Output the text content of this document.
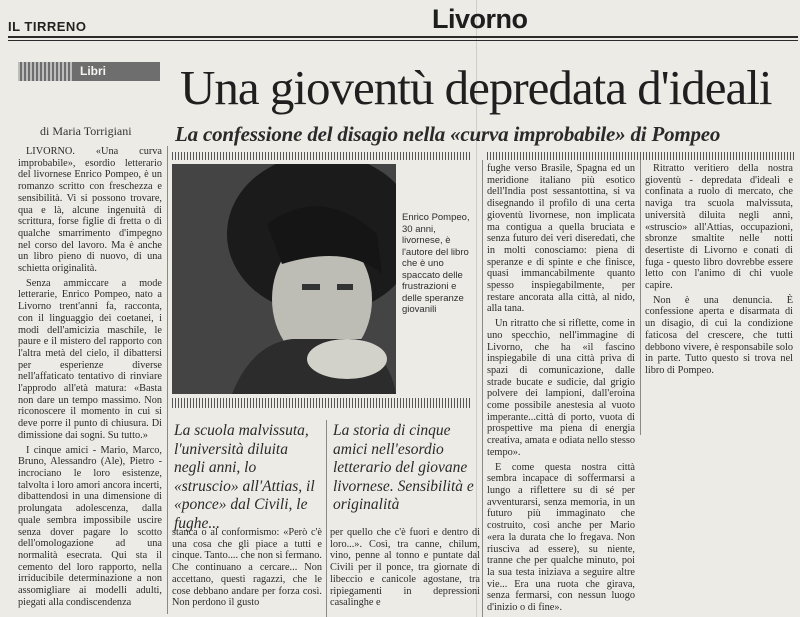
IL TIRRENO	Livorno
Libri
di Maria Torrigiani
Una gioventù depredata d'ideali
La confessione del disagio nella «curva improbabile» di Pompeo

LIVORNO. «Una curva improbabile», esordio letterario del livornese Enrico Pompeo, è un romanzo scritto con freschezza e sensibilità. Vi si possono trovare, qua e là, alcune ingenuità di scrittura, forse figlie di fretta o di qualche smarrimento d'impegno nel corso del lavoro. Ma è anche un libro pieno di nuovo, di una schietta originalità.

Senza ammiccare a mode letterarie, Enrico Pompeo, nato a Livorno trent'anni fa, racconta, con il linguaggio dei coetanei, i modi dell'amicizia maschile, le paure e il mistero del rapporto con l'altra metà del cielo, il dibattersi per esperienze diverse nell'affaticato tentativo di rinviare l'approdo all'età matura: «Basta non dare un tempo massimo. Non riconoscere il momento in cui si deve porre il punto di chiusura. Di dimissione dai sogni. Su tutto.»

I cinque amici - Mario, Marco, Bruno, Alessandro (Ale), Pietro - incrociano le loro esistenze, talvolta i loro amori ancora incerti, dibattendosi in una dimensione di prolungata adolescenza, dalla quale sembra impossibile uscire senza dover pagare lo scotto dell'omologazione ad una normalità esecrata. Qui sta il cemento del loro rapporto, nella irriducibile determinazione a non assomigliare ai modelli adulti, piegati alla condiscendenza

Enrico Pompeo, 30 anni, livornese, è l'autore del libro che è uno spaccato delle frustrazioni e delle speranze giovanili
La scuola malvissuta, l'università diluita negli anni, lo «struscio» all'Attias, il «ponce» dal Civili, le fughe...
La storia di cinque amici nell'esordio letterario del giovane livornese. Sensibilità e originalità

stanca o al conformismo: «Però c'è una cosa che gli piace a tutti e cinque. Tanto.... che non si fermano. Che continuano a cercare... Non accettano, questi ragazzi, che le cose debbano andare per forza così. Non perdono il gusto

per quello che c'è fuori e dentro di loro...». Così, tra canne, chilum, vino, penne al tonno e puntate dal Civili per il ponce, tra giornate di libeccio e canicole agostane, tra ripiegamenti in depressioni casalinghe e

fughe verso Brasile, Spagna ed un meridione italiano più esotico dell'India post sessantottina, si va disegnando il profilo di una certa gioventù livornese, non implicata ma contigua a quella bruciata e senza futuro dei veri diseredati, che in molti conosciamo: piena di speranze e di spinte e che finisce, quasi immancabilmente quanto spesso inspiegabilmente, per restare ancorata alla città, al nido, alla tana.

Un ritratto che si riflette, come in uno specchio, nell'immagine di Livorno, che ha «il fascino inspiegabile di una città priva di spazi di comunicazione, dalle strade bucate e sudicie, dal grigio polvere dei lampioni, dall'eroina come possibile anestesia al vuoto imperante...città di porto, vuota di prospettive ma piena di energia creativa, amata e odiata nello stesso tempo».

E come questa nostra città sembra incapace di soffermarsi a lungo a riflettere su di sé per avventurarsi, senza memoria, in un futuro più immaginato che costruito, così anche per Mario «era la durata che lo fregava. Non riusciva ad essere), su niente, tranne che per qualche minuto, poi la sua testa iniziava a seguire altre vie... Era una ruota che girava, senza fermarsi, con nessun luogo d'inizio o di fine».

Ritratto veritiero della nostra gioventù - depredata d'ideali e confinata a ruolo di mercato, che naviga tra scuola malvissuta, università diluita negli anni, «struscio» all'Attias, occupazioni, sbronze smaltite nelle notti desertiste di Livorno e conati di fuga - questo libro dovrebbe essere letto con l'animo di chi vuole capire.

Non è una denuncia. È confessione aperta e disarmata di un disagio, di cui la condizione faticosa del crescere, che tutti debbono vivere, è responsabile solo in parte. Tutto questo si trova nel libro di Pompeo.
